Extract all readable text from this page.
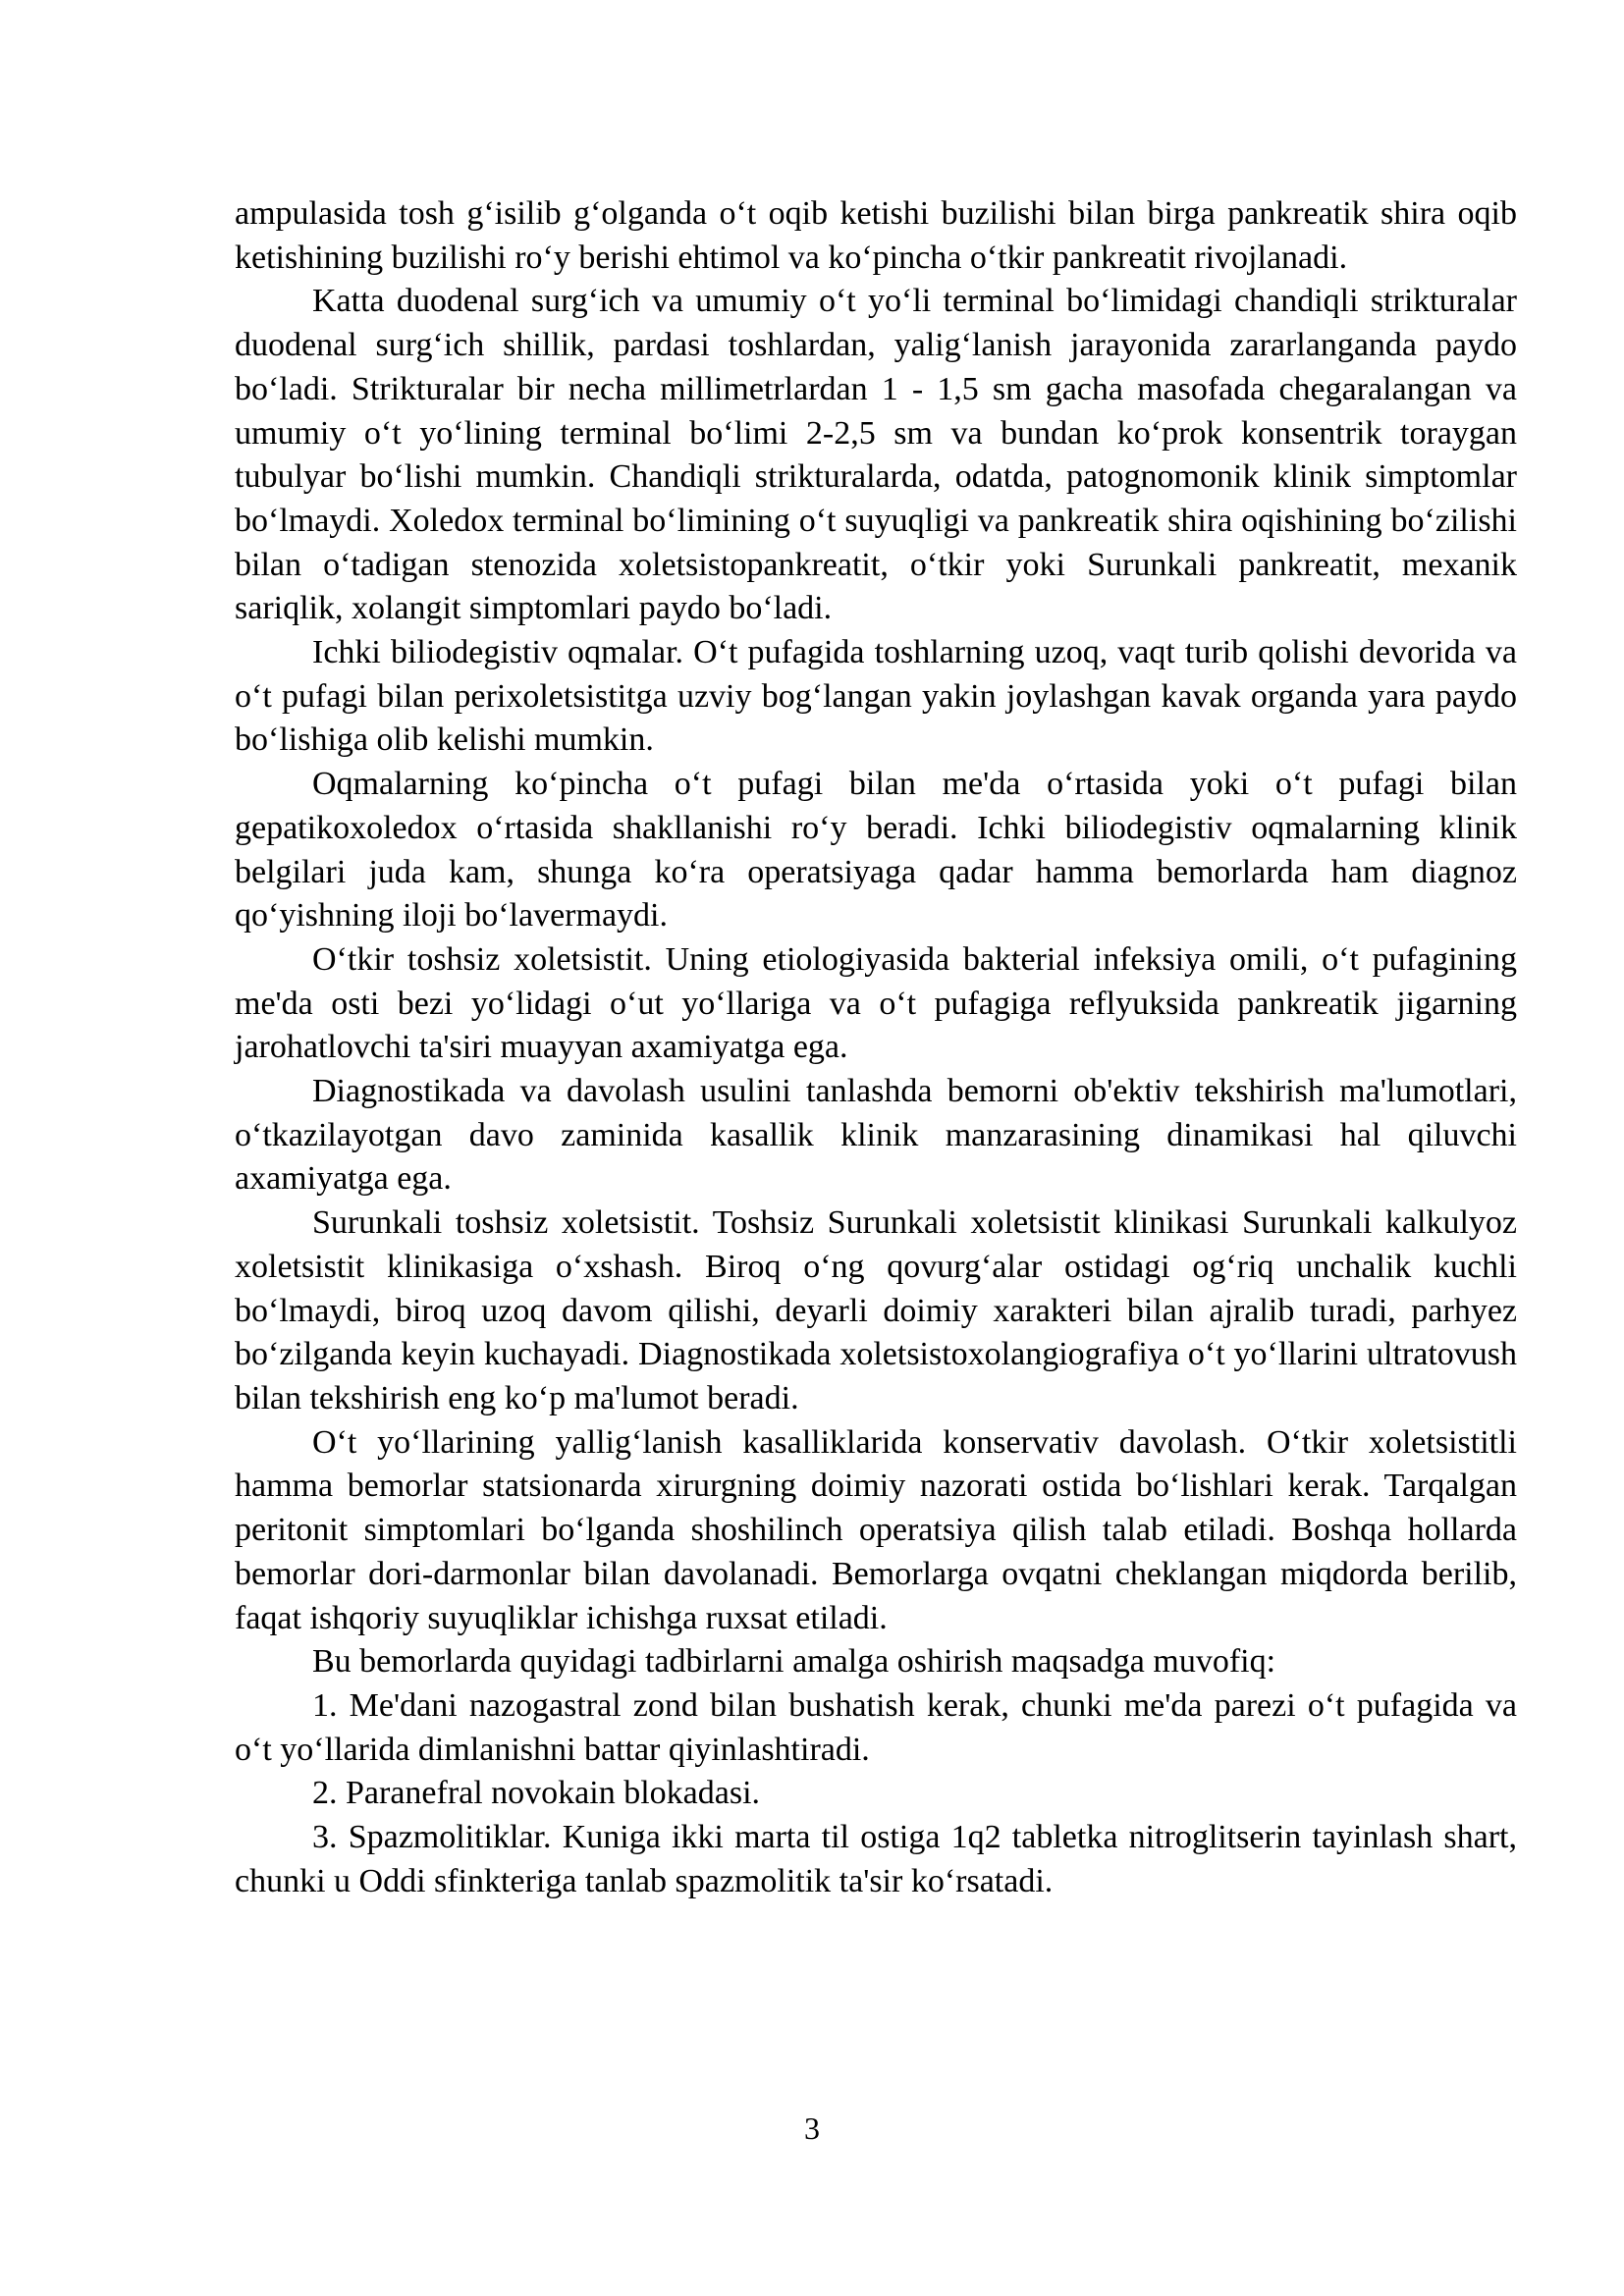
ampulasida tosh g‘isilib g‘olganda o‘t oqib ketishi buzilishi bilan birga pankreatik shira oqib ketishining buzilishi ro‘y berishi ehtimol va ko‘pincha o‘tkir pankreatit rivojlanadi.

Katta duodenal surg‘ich va umumiy o‘t yo‘li terminal bo‘limidagi chandiqli strikturalar duodenal surg‘ich shillik, pardasi toshlardan, yalig‘lanish jarayonida zararlanganda paydo bo‘ladi. Strikturalar bir necha millimetrlardan 1 - 1,5 sm gacha masofada chegaralangan va umumiy o‘t yo‘lining terminal bo‘limi 2-2,5 sm va bundan ko‘prok konsentrik toraygan tubulyar bo‘lishi mumkin. Chandiqli strikturalarda, odatda, patognomonik klinik simptomlar bo‘lmaydi. Xoledox terminal bo‘limining o‘t suyuqligi va pankreatik shira oqishining bo‘zilishi bilan o‘tadigan stenozida xoletsistopankreatit, o‘tkir yoki Surunkali pankreatit, mexanik sariqlik, xolangit simptomlari paydo bo‘ladi.

Ichki biliodegistiv oqmalar. O‘t pufagida toshlarning uzoq, vaqt turib qolishi devorida va o‘t pufagi bilan perixoletsistitga uzviy bog‘langan yakin joylashgan kavak organda yara paydo bo‘lishiga olib kelishi mumkin.

Oqmalarning ko‘pincha o‘t pufagi bilan me'da o‘rtasida yoki o‘t pufagi bilan gepatikoxoledox o‘rtasida shakllanishi ro‘y beradi. Ichki biliodegistiv oqmalarning klinik belgilari juda kam, shunga ko‘ra operatsiyaga qadar hamma bemorlarda ham diagnoz qo‘yishning iloji bo‘lavermaydi.

O‘tkir toshsiz xoletsistit. Uning etiologiyasida bakterial infeksiya omili, o‘t pufagining me'da osti bezi yo‘lidagi o‘ut yo‘llariga va o‘t pufagiga reflyuksida pankreatik jigarning jarohatlovchi ta'siri muayyan axamiyatga ega.

Diagnostikada va davolash usulini tanlashda bemorni ob'ektiv tekshirish ma'lumotlari, o‘tkazilayotgan davo zaminida kasallik klinik manzarasining dinamikasi hal qiluvchi axamiyatga ega.

Surunkali toshsiz xoletsistit. Toshsiz Surunkali xoletsistit klinikasi Surunkali kalkulyoz xoletsistit klinikasiga o‘xshash. Biroq o‘ng qovurg‘alar ostidagi og‘riq unchalik kuchli bo‘lmaydi, biroq uzoq davom qilishi, deyarli doimiy xarakteri bilan ajralib turadi, parhyez bo‘zilganda keyin kuchayadi. Diagnostikada xoletsistoxolangiografiya o‘t yo‘llarini ultratovush bilan tekshirish eng ko‘p ma'lumot beradi.

O‘t yo‘llarining yallig‘lanish kasalliklarida konservativ davolash. O‘tkir xoletsistitli hamma bemorlar statsionarda xirurgning doimiy nazorati ostida bo‘lishlari kerak. Tarqalgan peritonit simptomlari bo‘lganda shoshilinch operatsiya qilish talab etiladi. Boshqa hollarda bemorlar dori-darmonlar bilan davolanadi. Bemorlarga ovqatni cheklangan miqdorda berilib, faqat ishqoriy suyuqliklar ichishga ruxsat etiladi.

Bu bemorlarda quyidagi tadbirlarni amalga oshirish maqsadga muvofiq:

1. Me'dani nazogastral zond bilan bushatish kerak, chunki me'da parezi o‘t pufagida va o‘t yo‘llarida dimlanishni battar qiyinlashtiradi.

2. Paranefral novokain blokadasi.

3. Spazmolitiklar. Kuniga ikki marta til ostiga 1q2 tabletka nitroglitserin tayinlash shart, chunki u Oddi sfinkteriga tanlab spazmolitik ta'sir ko‘rsatadi.

3
